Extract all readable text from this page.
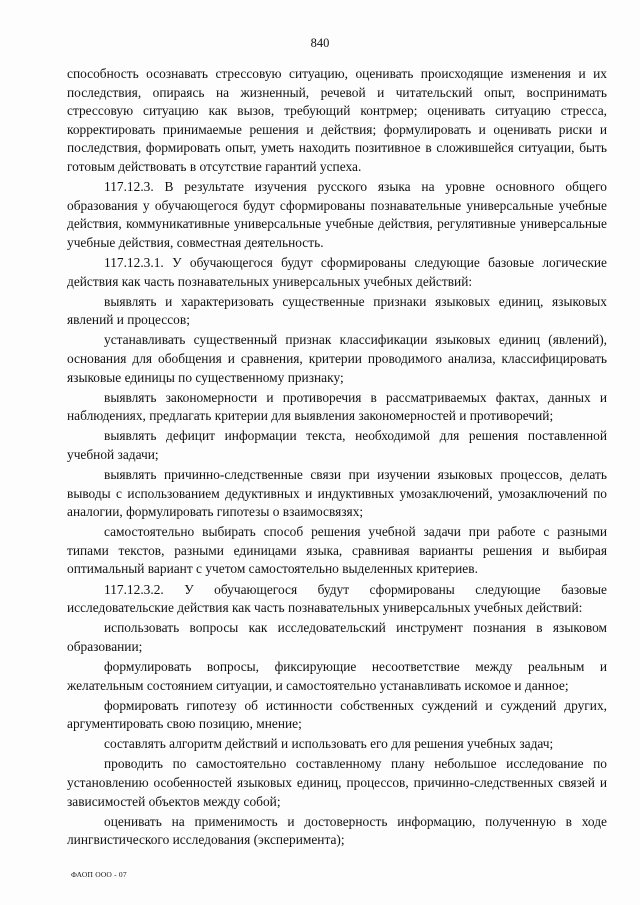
840

способность осознавать стрессовую ситуацию, оценивать происходящие изменения и их последствия, опираясь на жизненный, речевой и читательский опыт, воспринимать стрессовую ситуацию как вызов, требующий контрмер; оценивать ситуацию стресса, корректировать принимаемые решения и действия; формулировать и оценивать риски и последствия, формировать опыт, уметь находить позитивное в сложившейся ситуации, быть готовым действовать в отсутствие гарантий успеха.

117.12.3. В результате изучения русского языка на уровне основного общего образования у обучающегося будут сформированы познавательные универсальные учебные действия, коммуникативные универсальные учебные действия, регулятивные универсальные учебные действия, совместная деятельность.

117.12.3.1. У обучающегося будут сформированы следующие базовые логические действия как часть познавательных универсальных учебных действий:

выявлять и характеризовать существенные признаки языковых единиц, языковых явлений и процессов;

устанавливать существенный признак классификации языковых единиц (явлений), основания для обобщения и сравнения, критерии проводимого анализа, классифицировать языковые единицы по существенному признаку;

выявлять закономерности и противоречия в рассматриваемых фактах, данных и наблюдениях, предлагать критерии для выявления закономерностей и противоречий;

выявлять дефицит информации текста, необходимой для решения поставленной учебной задачи;

выявлять причинно-следственные связи при изучении языковых процессов, делать выводы с использованием дедуктивных и индуктивных умозаключений, умозаключений по аналогии, формулировать гипотезы о взаимосвязях;

самостоятельно выбирать способ решения учебной задачи при работе с разными типами текстов, разными единицами языка, сравнивая варианты решения и выбирая оптимальный вариант с учетом самостоятельно выделенных критериев.

117.12.3.2. У обучающегося будут сформированы следующие базовые исследовательские действия как часть познавательных универсальных учебных действий:

использовать вопросы как исследовательский инструмент познания в языковом образовании;

формулировать вопросы, фиксирующие несоответствие между реальным и желательным состоянием ситуации, и самостоятельно устанавливать искомое и данное;

формировать гипотезу об истинности собственных суждений и суждений других, аргументировать свою позицию, мнение;

составлять алгоритм действий и использовать его для решения учебных задач;

проводить по самостоятельно составленному плану небольшое исследование по установлению особенностей языковых единиц, процессов, причинно-следственных связей и зависимостей объектов между собой;

оценивать на применимость и достоверность информацию, полученную в ходе лингвистического исследования (эксперимента);

ФАОП ООО - 07
